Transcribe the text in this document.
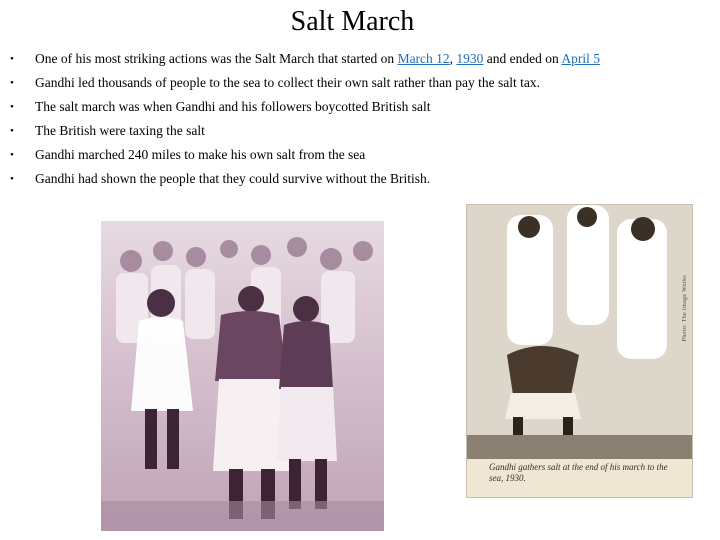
Salt March
• One of his most striking actions was the Salt March that started on March 12, 1930 and ended on April 5
• Gandhi led thousands of people to the sea to collect their own salt rather than pay the salt tax.
• The salt march was when Gandhi and his followers boycotted British salt
• The British were taxing the salt
• Gandhi marched 240 miles to make his own salt from the sea
• Gandhi had shown the people that they could survive without the British.
Photo: The Image Works
Gandhi gathers salt at the end of his march to the sea, 1930.
